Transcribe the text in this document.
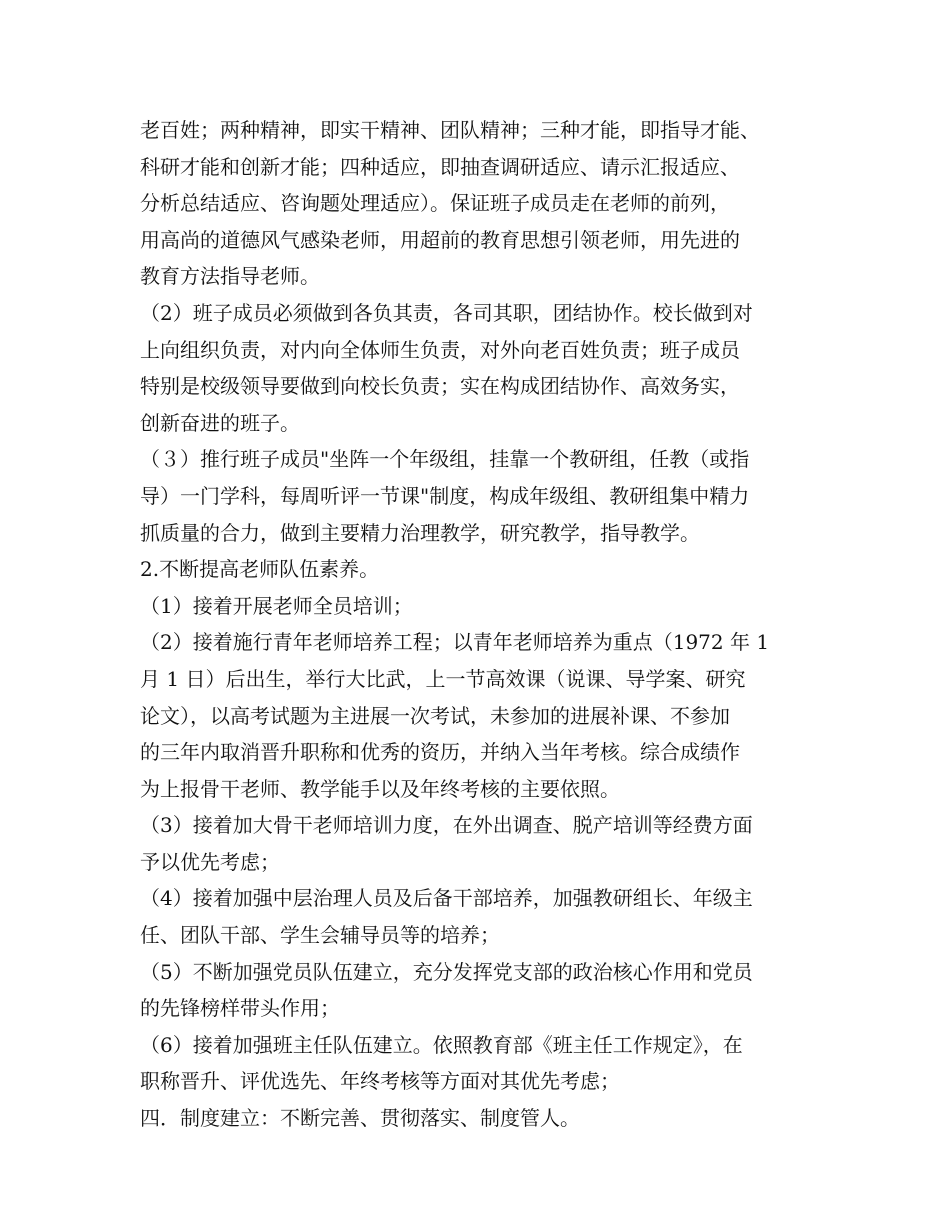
老百姓；两种精神，即实干精神、团队精神；三种才能，即指导才能、
科研才能和创新才能；四种适应，即抽查调研适应、请示汇报适应、
分析总结适应、咨询题处理适应）。保证班子成员走在老师的前列，
用高尚的道德风气感染老师，用超前的教育思想引领老师，用先进的
教育方法指导老师。
（2）班子成员必须做到各负其责，各司其职，团结协作。校长做到对
上向组织负责，对内向全体师生负责，对外向老百姓负责；班子成员
特别是校级领导要做到向校长负责；实在构成团结协作、高效务实，
创新奋进的班子。
（３）推行班子成员"坐阵一个年级组，挂靠一个教研组，任教（或指
导）一门学科，每周听评一节课"制度，构成年级组、教研组集中精力
抓质量的合力，做到主要精力治理教学，研究教学，指导教学。
2.不断提高老师队伍素养。
（1）接着开展老师全员培训；
（2）接着施行青年老师培养工程；以青年老师培养为重点（1972 年 1
月 1 日）后出生，举行大比武，上一节高效课（说课、导学案、研究
论文），以高考试题为主进展一次考试，未参加的进展补课、不参加
的三年内取消晋升职称和优秀的资历，并纳入当年考核。综合成绩作
为上报骨干老师、教学能手以及年终考核的主要依照。
（3）接着加大骨干老师培训力度，在外出调查、脱产培训等经费方面
予以优先考虑；
（4）接着加强中层治理人员及后备干部培养，加强教研组长、年级主
任、团队干部、学生会辅导员等的培养；
（5）不断加强党员队伍建立，充分发挥党支部的政治核心作用和党员
的先锋榜样带头作用；
（6）接着加强班主任队伍建立。依照教育部《班主任工作规定》，在
职称晋升、评优选先、年终考核等方面对其优先考虑；
四．制度建立：不断完善、贯彻落实、制度管人。
